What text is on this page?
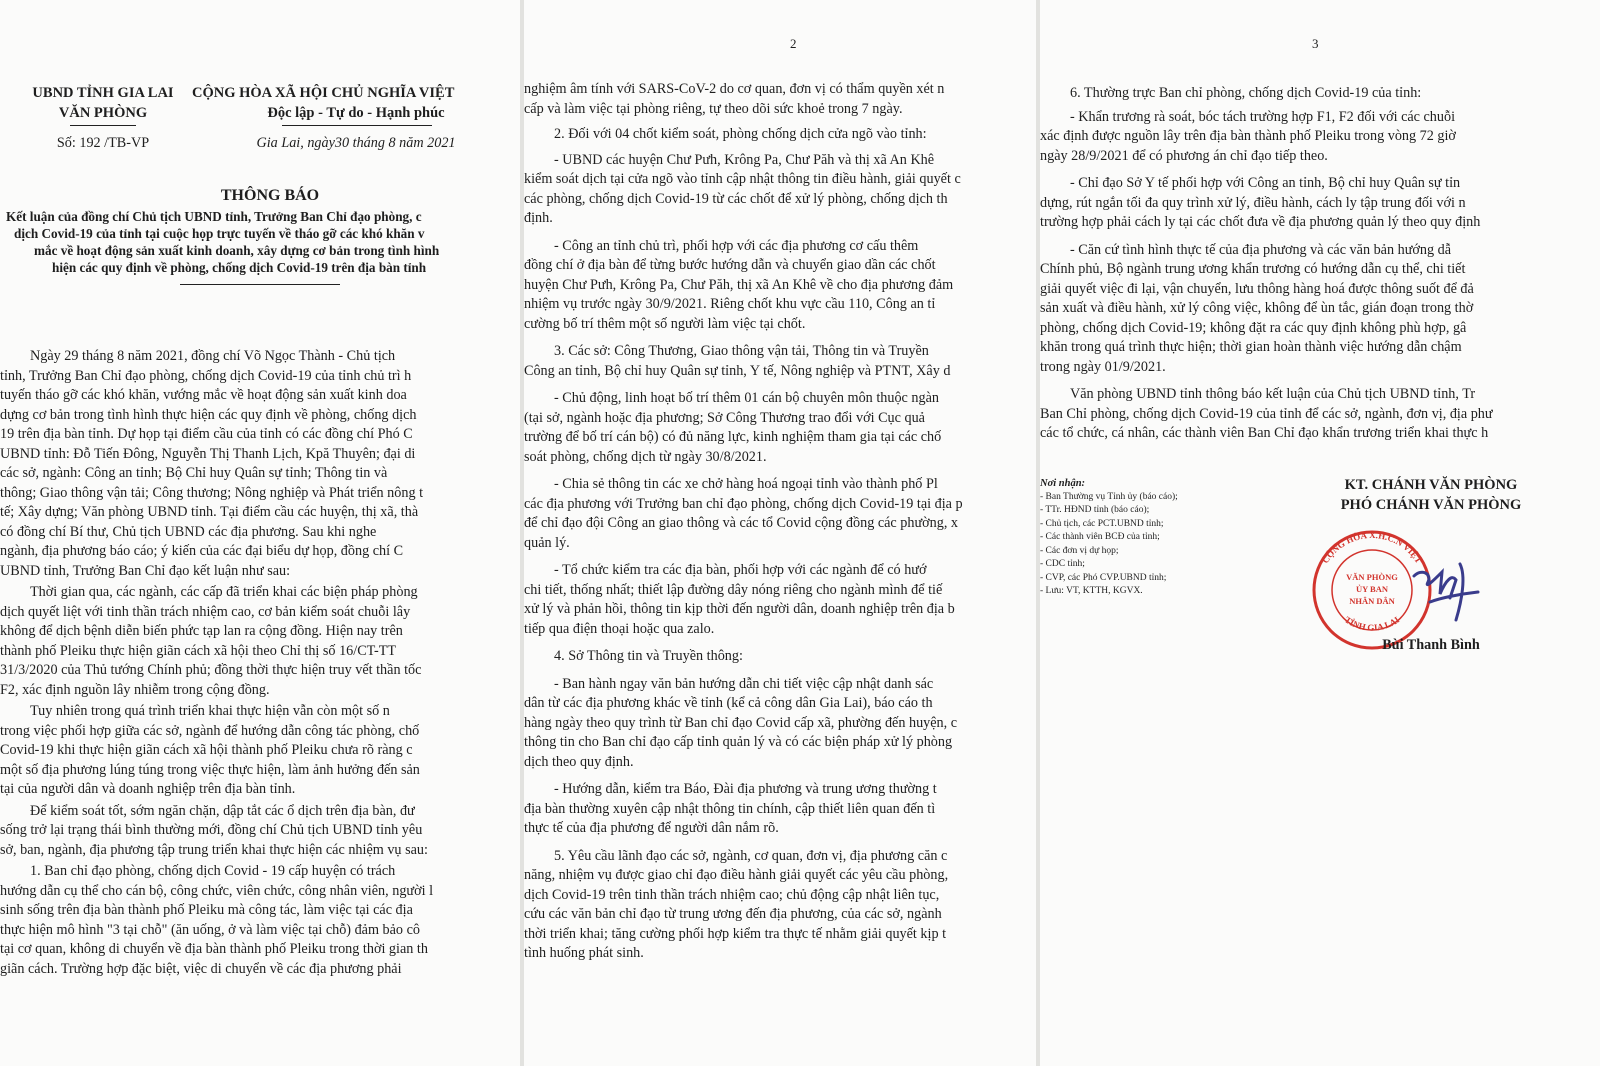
UBND TỈNH GIA LAI
VĂN PHÒNG
Số: 192 /TB-VP
CỘNG HÒA XÃ HỘI CHỦ NGHĨA VIỆT
Độc lập - Tự do - Hạnh phúc
Gia Lai, ngày30 tháng 8 năm 2021
THÔNG BÁO
Kết luận của đồng chí Chủ tịch UBND tỉnh, Trưởng Ban Chỉ đạo phòng, c
dịch Covid-19 của tỉnh tại cuộc họp trực tuyến về tháo gỡ các khó khăn v
mắc về hoạt động sản xuất kinh doanh, xây dựng cơ bản trong tình hình
hiện các quy định về phòng, chống dịch Covid-19 trên địa bàn tỉnh
Ngày 29 tháng 8 năm 2021, đồng chí Võ Ngọc Thành - Chủ tịch
tỉnh, Trưởng Ban Chỉ đạo phòng, chống dịch Covid-19 của tỉnh chủ trì h
tuyến tháo gỡ các khó khăn, vướng mắc về hoạt động sản xuất kinh doa
dựng cơ bản trong tình hình thực hiện các quy định về phòng, chống dịch
19 trên địa bàn tỉnh. Dự họp tại điểm cầu của tỉnh có các đồng chí Phó C
UBND tỉnh: Đỗ Tiến Đông, Nguyễn Thị Thanh Lịch, Kpă Thuyên; đại di
các sở, ngành: Công an tỉnh; Bộ Chỉ huy Quân sự tỉnh; Thông tin và
thông; Giao thông vận tải; Công thương; Nông nghiệp và Phát triển nông t
tế; Xây dựng; Văn phòng UBND tỉnh. Tại điểm cầu các huyện, thị xã, thà
có đồng chí Bí thư, Chủ tịch UBND các địa phương. Sau khi nghe
ngành, địa phương báo cáo; ý kiến của các đại biểu dự họp, đồng chí C
UBND tỉnh, Trưởng Ban Chỉ đạo kết luận như sau:
Thời gian qua, các ngành, các cấp đã triển khai các biện pháp phòng
dịch quyết liệt với tinh thần trách nhiệm cao, cơ bản kiểm soát chuỗi lây
không để dịch bệnh diễn biến phức tạp lan ra cộng đồng. Hiện nay trên
thành phố Pleiku thực hiện giãn cách xã hội theo Chỉ thị số 16/CT-TT
31/3/2020 của Thủ tướng Chính phủ; đồng thời thực hiện truy vết thần tốc
F2, xác định nguồn lây nhiễm trong cộng đồng.
Tuy nhiên trong quá trình triển khai thực hiện vẫn còn một số n
trong việc phối hợp giữa các sở, ngành để hướng dẫn công tác phòng, chố
Covid-19 khi thực hiện giãn cách xã hội thành phố Pleiku chưa rõ ràng c
một số địa phương lúng túng trong việc thực hiện, làm ảnh hưởng đến sản
tại của người dân và doanh nghiệp trên địa bàn tỉnh.
Để kiểm soát tốt, sớm ngăn chặn, dập tắt các ổ dịch trên địa bàn, đư
sống trở lại trạng thái bình thường mới, đồng chí Chủ tịch UBND tỉnh yêu
sở, ban, ngành, địa phương tập trung triển khai thực hiện các nhiệm vụ sau:
1. Ban chỉ đạo phòng, chống dịch Covid - 19 cấp huyện có trách
hướng dẫn cụ thể cho cán bộ, công chức, viên chức, công nhân viên, người l
sinh sống trên địa bàn thành phố Pleiku mà công tác, làm việc tại các địa
thực hiện mô hình "3 tại chỗ" (ăn uống, ở và làm việc tại chỗ) đảm bảo cô
tại cơ quan, không di chuyển về địa bàn thành phố Pleiku trong thời gian th
giãn cách. Trường hợp đặc biệt, việc di chuyển về các địa phương phải
2
nghiệm âm tính với SARS-CoV-2 do cơ quan, đơn vị có thẩm quyền xét n
cấp và làm việc tại phòng riêng, tự theo dõi sức khoẻ trong 7 ngày.
2. Đối với 04 chốt kiểm soát, phòng chống dịch cửa ngõ vào tỉnh:
- UBND các huyện Chư Pưh, Krông Pa, Chư Păh và thị xã An Khê
kiểm soát dịch tại cửa ngõ vào tỉnh cập nhật thông tin điều hành, giải quyết c
các phòng, chống dịch Covid-19 từ các chốt để xử lý phòng, chống dịch th
định.
- Công an tỉnh chủ trì, phối hợp với các địa phương cơ cấu thêm
đồng chí ở địa bàn để từng bước hướng dẫn và chuyển giao dần các chốt
huyện Chư Pưh, Krông Pa, Chư Păh, thị xã An Khê về cho địa phương đảm
nhiệm vụ trước ngày 30/9/2021. Riêng chốt khu vực cầu 110, Công an tỉ
cường bố trí thêm một số người làm việc tại chốt.
3. Các sở: Công Thương, Giao thông vận tải, Thông tin và Truyền
Công an tỉnh, Bộ chỉ huy Quân sự tỉnh, Y tế, Nông nghiệp và PTNT, Xây d
- Chủ động, linh hoạt bố trí thêm 01 cán bộ chuyên môn thuộc ngàn
(tại sở, ngành hoặc địa phương; Sở Công Thương trao đổi với Cục quả
trường để bố trí cán bộ) có đủ năng lực, kinh nghiệm tham gia tại các chố
soát phòng, chống dịch từ ngày 30/8/2021.
- Chia sẻ thông tin các xe chở hàng hoá ngoại tỉnh vào thành phố Pl
các địa phương với Trưởng ban chỉ đạo phòng, chống dịch Covid-19 tại địa p
để chỉ đạo đội Công an giao thông và các tổ Covid cộng đồng các phường, x
quản lý.
- Tổ chức kiểm tra các địa bàn, phối hợp với các ngành để có hướ
chi tiết, thống nhất; thiết lập đường dây nóng riêng cho ngành mình để tiế
xử lý và phản hồi, thông tin kịp thời đến người dân, doanh nghiệp trên địa b
tiếp qua điện thoại hoặc qua zalo.
4. Sở Thông tin và Truyền thông:
- Ban hành ngay văn bản hướng dẫn chi tiết việc cập nhật danh sác
dân từ các địa phương khác về tỉnh (kể cả công dân Gia Lai), báo cáo th
hàng ngày theo quy trình từ Ban chỉ đạo Covid cấp xã, phường đến huyện, c
thông tin cho Ban chỉ đạo cấp tỉnh quản lý và có các biện pháp xử lý phòng
dịch theo quy định.
- Hướng dẫn, kiểm tra Báo, Đài địa phương và trung ương thường t
địa bàn thường xuyên cập nhật thông tin chính, cập thiết liên quan đến tì
thực tế của địa phương để người dân nắm rõ.
5. Yêu cầu lãnh đạo các sở, ngành, cơ quan, đơn vị, địa phương căn c
năng, nhiệm vụ được giao chỉ đạo điều hành giải quyết các yêu cầu phòng,
dịch Covid-19 trên tinh thần trách nhiệm cao; chủ động cập nhật liên tục,
cứu các văn bản chỉ đạo từ trung ương đến địa phương, của các sở, ngành
thời triển khai; tăng cường phối hợp kiểm tra thực tế nhằm giải quyết kịp t
tình huống phát sinh.
3
6. Thường trực Ban chỉ phòng, chống dịch Covid-19 của tỉnh:
- Khẩn trương rà soát, bóc tách trường hợp F1, F2 đối với các chuỗi
xác định được nguồn lây trên địa bàn thành phố Pleiku trong vòng 72 giờ
ngày 28/9/2021 để có phương án chỉ đạo tiếp theo.
- Chỉ đạo Sở Y tế phối hợp với Công an tỉnh, Bộ chỉ huy Quân sự tỉn
dựng, rút ngắn tối đa quy trình xử lý, điều hành, cách ly tập trung đối với n
trường hợp phải cách ly tại các chốt đưa về địa phương quản lý theo quy định
- Căn cứ tình hình thực tế của địa phương và các văn bản hướng dẫ
Chính phủ, Bộ ngành trung ương khẩn trương có hướng dẫn cụ thể, chi tiết
giải quyết việc đi lại, vận chuyển, lưu thông hàng hoá được thông suốt để đả
sản xuất và điều hành, xử lý công việc, không để ùn tắc, gián đoạn trong thờ
phòng, chống dịch Covid-19; không đặt ra các quy định không phù hợp, gâ
khăn trong quá trình thực hiện; thời gian hoàn thành việc hướng dẫn chậm
trong ngày 01/9/2021.
Văn phòng UBND tỉnh thông báo kết luận của Chủ tịch UBND tỉnh, Tr
Ban Chỉ phòng, chống dịch Covid-19 của tỉnh để các sở, ngành, đơn vị, địa phư
các tổ chức, cá nhân, các thành viên Ban Chỉ đạo khẩn trương triển khai thực h
Nơi nhận:
- Ban Thường vụ Tỉnh ủy (báo cáo);
- TTr. HĐND tỉnh (báo cáo);
- Chủ tịch, các PCT.UBND tỉnh;
- Các thành viên BCĐ của tỉnh;
- Các đơn vị dự họp;
- CDC tỉnh;
- CVP, các Phó CVP.UBND tỉnh;
- Lưu: VT, KTTH, KGVX.
KT. CHÁNH VĂN PHÒNG
PHÓ CHÁNH VĂN PHÒNG
CỘNG HÒA X.H.C.N VIỆT
TỈNH GIA LAI
VĂN PHÒNG
ỦY BAN
NHÂN DÂN
Bùi Thanh Bình
